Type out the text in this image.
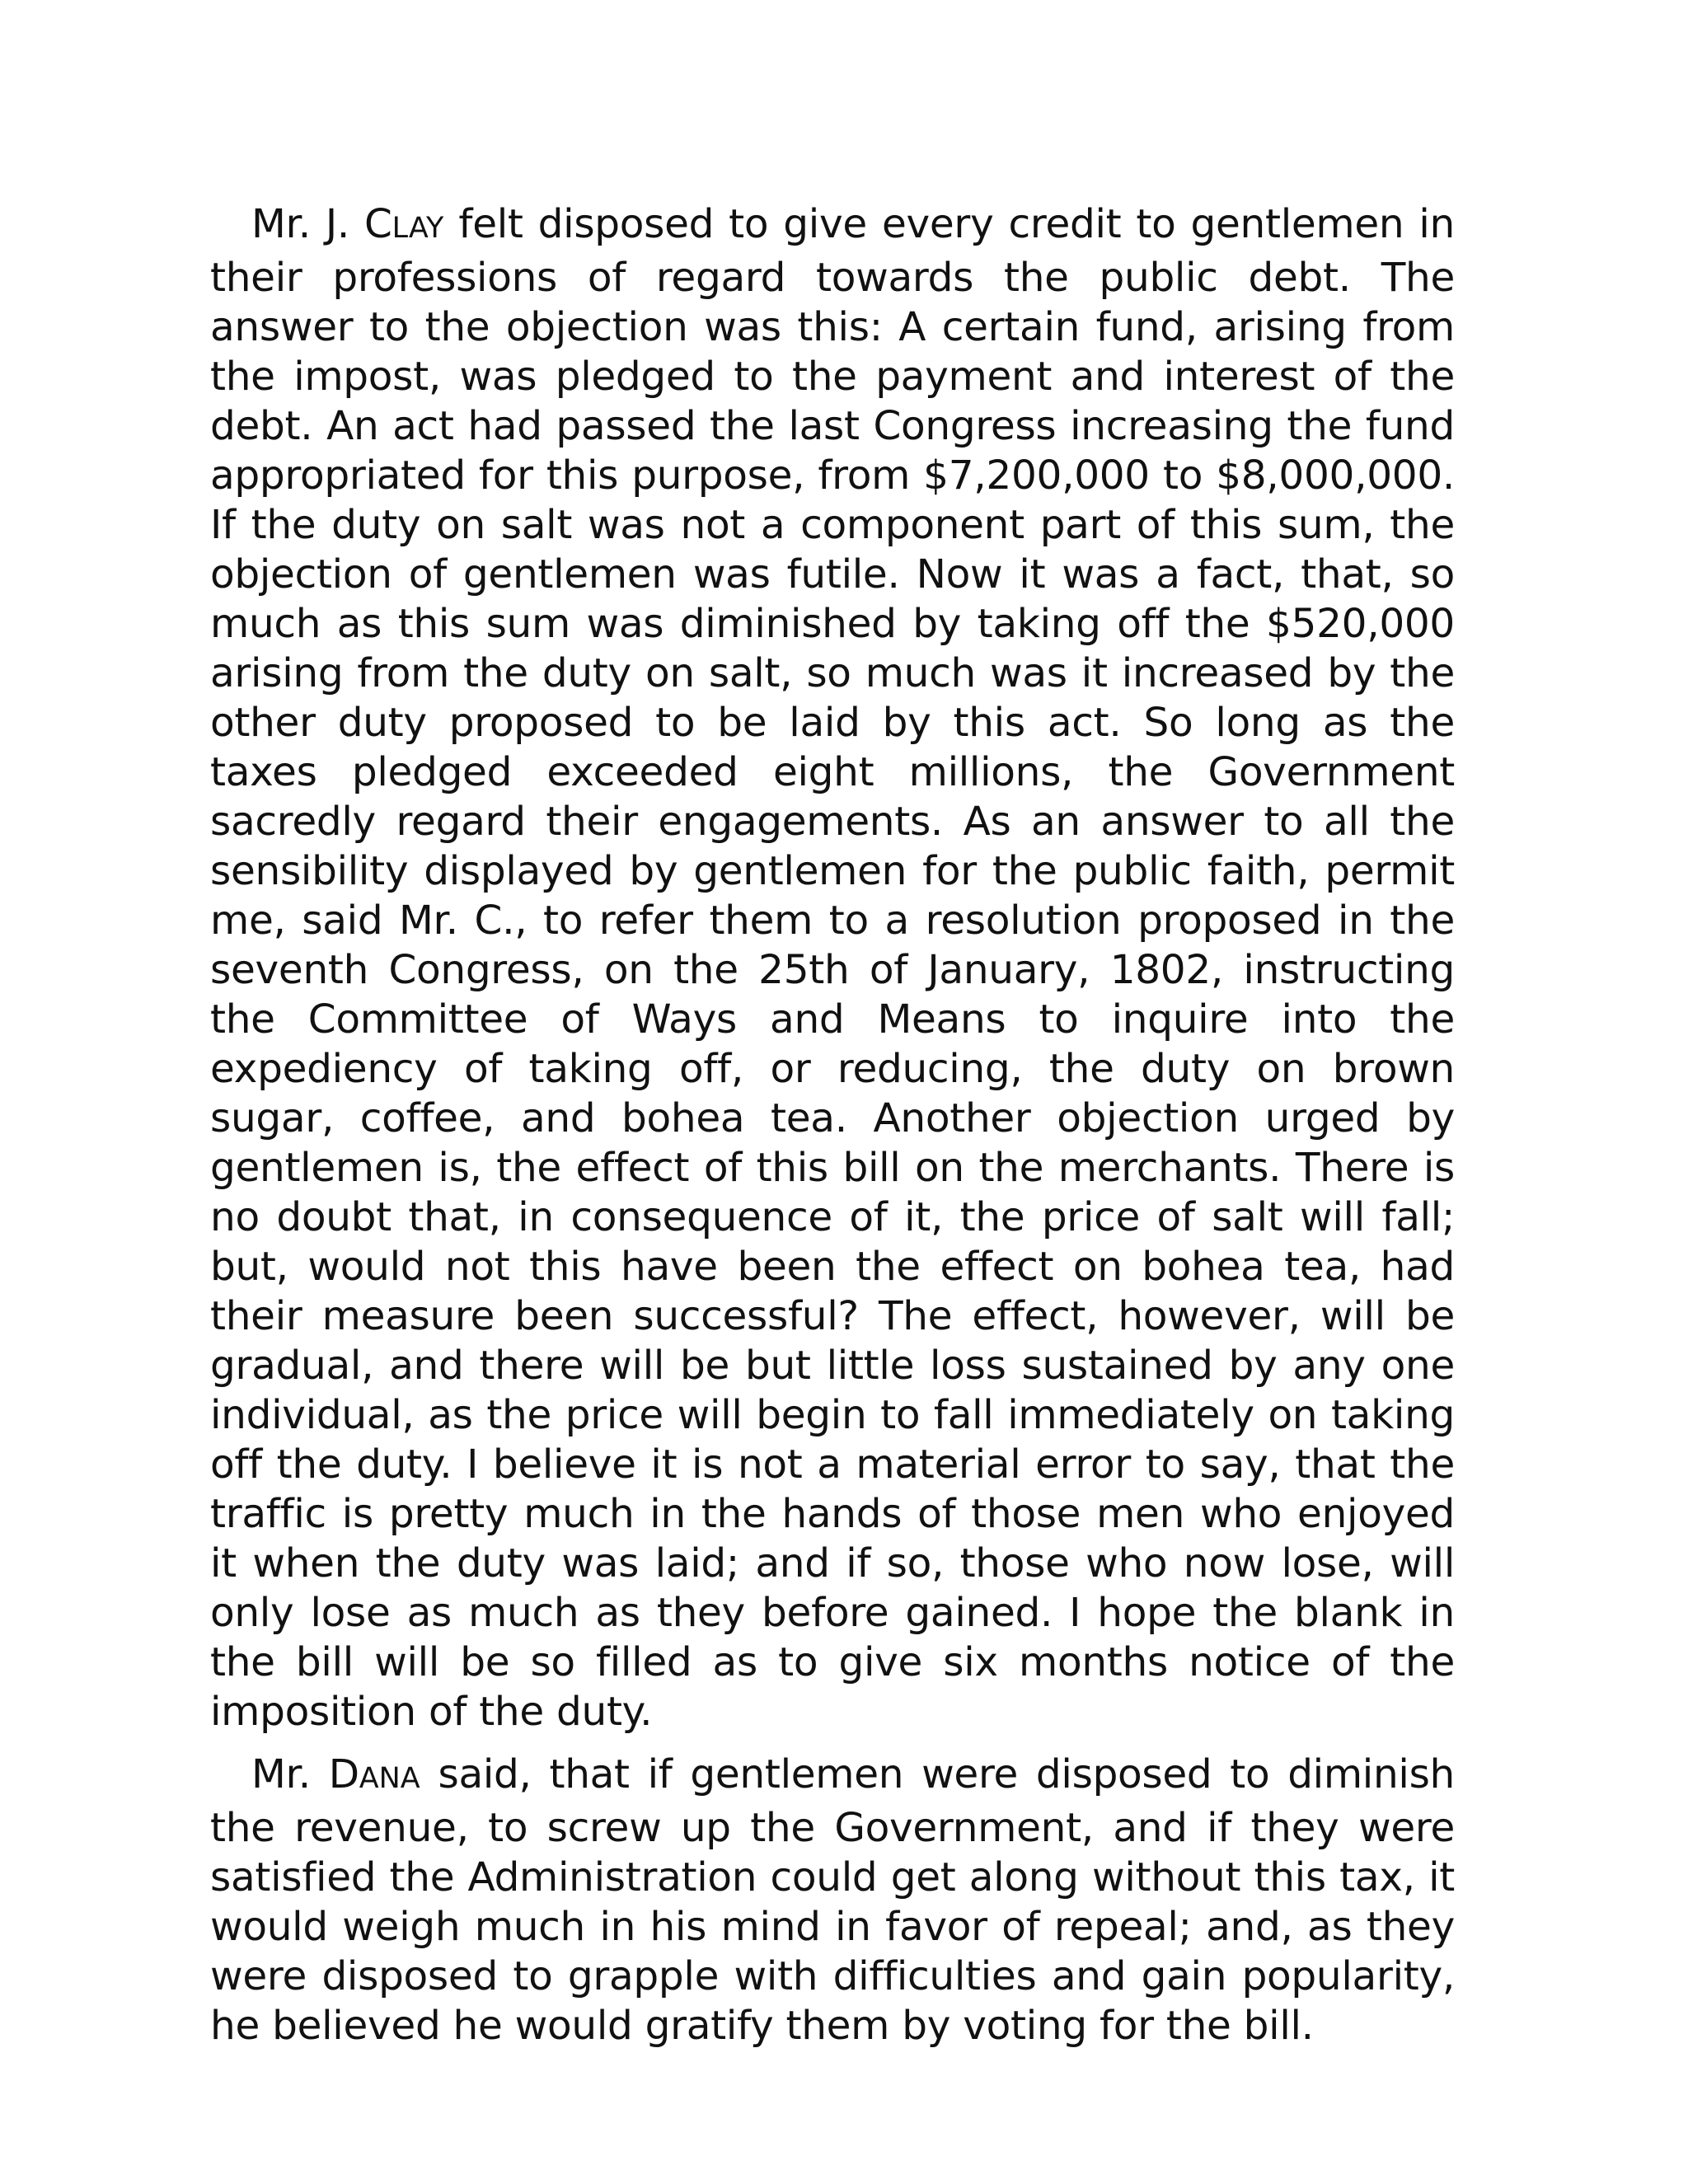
Mr. J. CLAY felt disposed to give every credit to gentlemen in their professions of regard towards the public debt. The answer to the objection was this: A certain fund, arising from the impost, was pledged to the payment and interest of the debt. An act had passed the last Congress increasing the fund appropriated for this purpose, from $7,200,000 to $8,000,000. If the duty on salt was not a component part of this sum, the objection of gentlemen was futile. Now it was a fact, that, so much as this sum was diminished by taking off the $520,000 arising from the duty on salt, so much was it increased by the other duty proposed to be laid by this act. So long as the taxes pledged exceeded eight millions, the Government sacredly regard their engagements. As an answer to all the sensibility displayed by gentlemen for the public faith, permit me, said Mr. C., to refer them to a resolution proposed in the seventh Congress, on the 25th of January, 1802, instructing the Committee of Ways and Means to inquire into the expediency of taking off, or reducing, the duty on brown sugar, coffee, and bohea tea. Another objection urged by gentlemen is, the effect of this bill on the merchants. There is no doubt that, in consequence of it, the price of salt will fall; but, would not this have been the effect on bohea tea, had their measure been successful? The effect, however, will be gradual, and there will be but little loss sustained by any one individual, as the price will begin to fall immediately on taking off the duty. I believe it is not a material error to say, that the traffic is pretty much in the hands of those men who enjoyed it when the duty was laid; and if so, those who now lose, will only lose as much as they before gained. I hope the blank in the bill will be so filled as to give six months notice of the imposition of the duty.

Mr. DANA said, that if gentlemen were disposed to diminish the revenue, to screw up the Government, and if they were satisfied the Administration could get along without this tax, it would weigh much in his mind in favor of repeal; and, as they were disposed to grapple with difficulties and gain popularity, he believed he would gratify them by voting for the bill.
